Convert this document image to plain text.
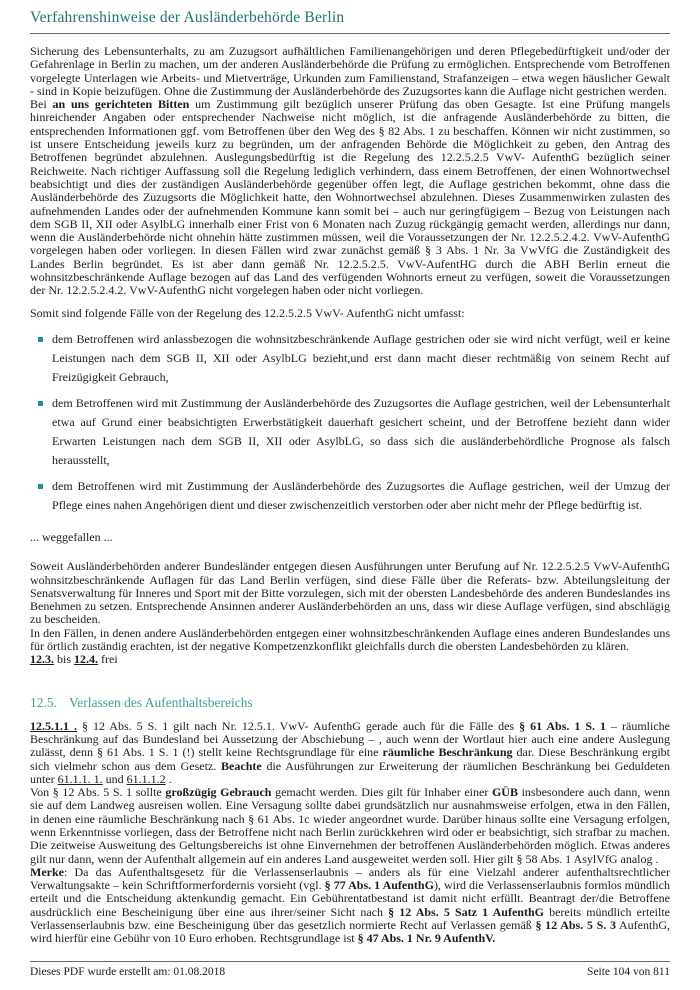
Verfahrenshinweise der Ausländerbehörde Berlin

Sicherung des Lebensunterhalts, zu am Zuzugsort aufhältlichen Familienangehörigen und deren Pflegebedürftigkeit und/oder der Gefahrenlage in Berlin zu machen, um der anderen Ausländerbehörde die Prüfung zu ermöglichen. Entsprechende vom Betroffenen vorgelegte Unterlagen wie Arbeits- und Mietverträge, Urkunden zum Familienstand, Strafanzeigen – etwa wegen häuslicher Gewalt - sind in Kopie beizufügen. Ohne die Zustimmung der Ausländerbehörde des Zuzugsortes kann die Auflage nicht gestrichen werden.

Bei an uns gerichteten Bitten um Zustimmung gilt bezüglich unserer Prüfung das oben Gesagte. Ist eine Prüfung mangels hinreichender Angaben oder entsprechender Nachweise nicht möglich, ist die anfragende Ausländerbehörde zu bitten, die entsprechenden Informationen ggf. vom Betroffenen über den Weg des § 82 Abs. 1 zu beschaffen. Können wir nicht zustimmen, so ist unsere Entscheidung jeweils kurz zu begründen, um der anfragenden Behörde die Möglichkeit zu geben, den Antrag des Betroffenen begründet abzulehnen. Auslegungsbedürftig ist die Regelung des 12.2.5.2.5 VwV- AufenthG bezüglich seiner Reichweite. Nach richtiger Auffassung soll die Regelung lediglich verhindern, dass einem Betroffenen, der einen Wohnortwechsel beabsichtigt und dies der zuständigen Ausländerbehörde gegenüber offen legt, die Auflage gestrichen bekommt, ohne dass die Ausländerbehörde des Zuzugsorts die Möglichkeit hatte, den Wohnortwechsel abzulehnen. Dieses Zusammenwirken zulasten des aufnehmenden Landes oder der aufnehmenden Kommune kann somit bei – auch nur geringfügigem – Bezug von Leistungen nach dem SGB II, XII oder AsylbLG innerhalb einer Frist von 6 Monaten nach Zuzug rückgängig gemacht werden, allerdings nur dann, wenn die Ausländerbehörde nicht ohnehin hätte zustimmen müssen, weil die Voraussetzungen der Nr. 12.2.5.2.4.2. VwV-AufenthG vorgelegen haben oder vorliegen. In diesen Fällen wird zwar zunächst gemäß § 3 Abs. 1 Nr. 3a VwVfG die Zuständigkeit des Landes Berlin begründet. Es ist aber dann gemäß Nr. 12.2.5.2.5. VwV-AufentHG durch die ABH Berlin erneut die wohnsitzbeschränkende Auflage bezogen auf das Land des verfügenden Wohnorts erneut zu verfügen, soweit die Voraussetzungen der Nr. 12.2.5.2.4.2. VwV-AufenthG nicht vorgelegen haben oder nicht vorliegen.

Somit sind folgende Fälle von der Regelung des 12.2.5.2.5 VwV- AufenthG nicht umfasst:

dem Betroffenen wird anlassbezogen die wohnsitzbeschränkende Auflage gestrichen oder sie wird nicht verfügt, weil er keine Leistungen nach dem SGB II, XII oder AsylbLG bezieht,und erst dann macht dieser rechtmäßig von seinem Recht auf Freizügigkeit Gebrauch,
dem Betroffenen wird mit Zustimmung der Ausländerbehörde des Zuzugsortes die Auflage gestrichen, weil der Lebensunterhalt etwa auf Grund einer beabsichtigten Erwerbstätigkeit dauerhaft gesichert scheint, und der Betroffene bezieht dann wider Erwarten Leistungen nach dem SGB II, XII oder AsylbLG, so dass sich die ausländerbehördliche Prognose als falsch herausstellt,
dem Betroffenen wird mit Zustimmung der Ausländerbehörde des Zuzugsortes die Auflage gestrichen, weil der Umzug der Pflege eines nahen Angehörigen dient und dieser zwischenzeitlich verstorben oder aber nicht mehr der Pflege bedürftig ist.

... weggefallen ...

Soweit Ausländerbehörden anderer Bundesländer entgegen diesen Ausführungen unter Berufung auf Nr. 12.2.5.2.5 VwV-AufenthG wohnsitzbeschränkende Auflagen für das Land Berlin verfügen, sind diese Fälle über die Referats- bzw. Abteilungsleitung der Senatsverwaltung für Inneres und Sport mit der Bitte vorzulegen, sich mit der obersten Landesbehörde des anderen Bundeslandes ins Benehmen zu setzen. Entsprechende Ansinnen anderer Ausländerbehörden an uns, dass wir diese Auflage verfügen, sind abschlägig zu bescheiden.

In den Fällen, in denen andere Ausländerbehörden entgegen einer wohnsitzbeschränkenden Auflage eines anderen Bundeslandes uns für örtlich zuständig erachten, ist der negative Kompetzenzkonflikt gleichfalls durch die obersten Landesbehörden zu klären.

12.3. bis 12.4. frei

12.5. Verlassen des Aufenthaltsbereichs

12.5.1.1 . § 12 Abs. 5 S. 1 gilt nach Nr. 12.5.1. VwV- AufenthG gerade auch für die Fälle des § 61 Abs. 1 S. 1 – räumliche Beschränkung auf das Bundesland bei Aussetzung der Abschiebung – , auch wenn der Wortlaut hier auch eine andere Auslegung zulässt, denn § 61 Abs. 1 S. 1 (!) stellt keine Rechtsgrundlage für eine räumliche Beschränkung dar. Diese Beschränkung ergibt sich vielmehr schon aus dem Gesetz. Beachte die Ausführungen zur Erweiterung der räumlichen Beschränkung bei Geduldeten unter 61.1.1. 1. und 61.1.1.2 .

Von § 12 Abs. 5 S. 1 sollte großzügig Gebrauch gemacht werden. Dies gilt für Inhaber einer GÜB insbesondere auch dann, wenn sie auf dem Landweg ausreisen wollen. Eine Versagung sollte dabei grundsätzlich nur ausnahmsweise erfolgen, etwa in den Fällen, in denen eine räumliche Beschränkung nach § 61 Abs. 1c wieder angeordnet wurde. Darüber hinaus sollte eine Versagung erfolgen, wenn Erkenntnisse vorliegen, dass der Betroffene nicht nach Berlin zurückkehren wird oder er beabsichtigt, sich strafbar zu machen. Die zeitweise Ausweitung des Geltungsbereichs ist ohne Einvernehmen der betroffenen Ausländerbehörden möglich. Etwas anderes gilt nur dann, wenn der Aufenthalt allgemein auf ein anderes Land ausgeweitet werden soll. Hier gilt § 58 Abs. 1 AsylVfG analog .

Merke: Da das Aufenthaltsgesetz für die Verlassenserlaubnis – anders als für eine Vielzahl anderer aufenthaltsrechtlicher Verwaltungsakte – kein Schriftformerfordernis vorsieht (vgl. § 77 Abs. 1 AufenthG), wird die Verlassenserlaubnis formlos mündlich erteilt und die Entscheidung aktenkundig gemacht. Ein Gebührentatbestand ist damit nicht erfüllt. Beantragt der/die Betroffene ausdrücklich eine Bescheinigung über eine aus ihrer/seiner Sicht nach § 12 Abs. 5 Satz 1 AufenthG bereits mündlich erteilte Verlassenserlaubnis bzw. eine Bescheinigung über das gesetzlich normierte Recht auf Verlassen gemäß § 12 Abs. 5 S. 3 AufenthG, wird hierfür eine Gebühr von 10 Euro erhoben. Rechtsgrundlage ist § 47 Abs. 1 Nr. 9 AufenthV.

Dieses PDF wurde erstellt am: 01.08.2018	Seite 104 von 811
